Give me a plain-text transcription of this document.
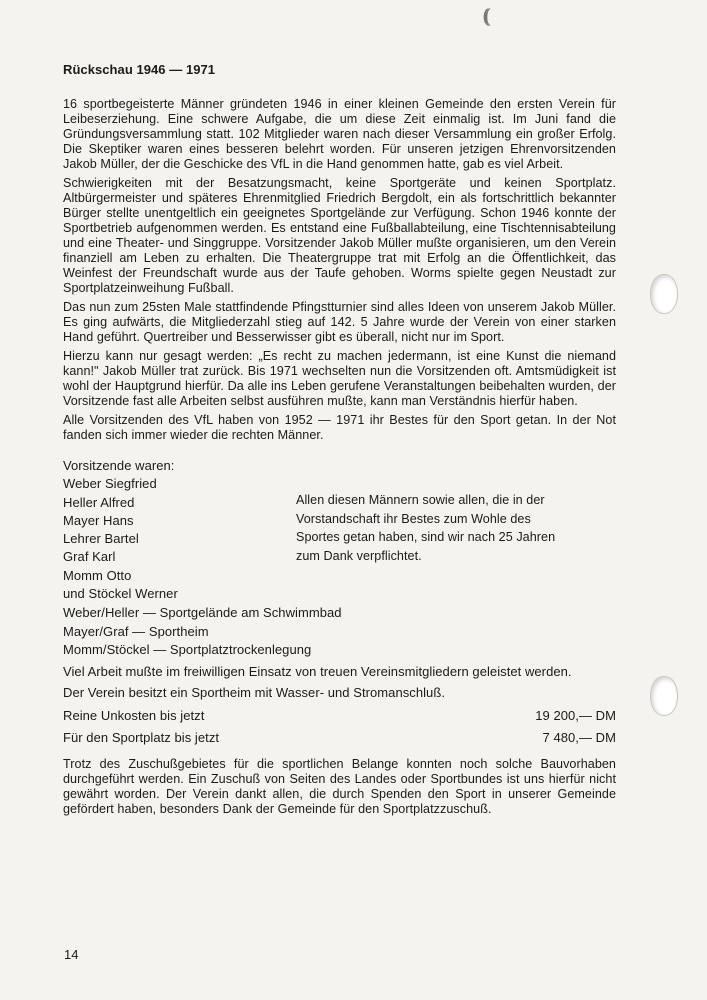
((
Rückschau 1946 — 1971

16 sportbegeisterte Männer gründeten 1946 in einer kleinen Gemeinde den ersten Verein für Leibeserziehung. Eine schwere Aufgabe, die um diese Zeit einmalig ist. Im Juni fand die Gründungsversammlung statt. 102 Mitglieder waren nach dieser Versammlung ein großer Erfolg. Die Skeptiker waren eines besseren belehrt worden. Für unseren jetzigen Ehrenvorsitzenden Jakob Müller, der die Geschicke des VfL in die Hand genommen hatte, gab es viel Arbeit.

Schwierigkeiten mit der Besatzungsmacht, keine Sportgeräte und keinen Sportplatz. Altbürgermeister und späteres Ehrenmitglied Friedrich Bergdolt, ein als fortschrittlich bekannter Bürger stellte unentgeltlich ein geeignetes Sportgelände zur Verfügung. Schon 1946 konnte der Sportbetrieb aufgenommen werden. Es entstand eine Fußballabteilung, eine Tischtennisabteilung und eine Theater- und Singgruppe. Vorsitzender Jakob Müller mußte organisieren, um den Verein finanziell am Leben zu erhalten. Die Theatergruppe trat mit Erfolg an die Öffentlichkeit, das Weinfest der Freundschaft wurde aus der Taufe gehoben. Worms spielte gegen Neustadt zur Sportplatzeinweihung Fußball.

Das nun zum 25sten Male stattfindende Pfingstturnier sind alles Ideen von unserem Jakob Müller. Es ging aufwärts, die Mitgliederzahl stieg auf 142. 5 Jahre wurde der Verein von einer starken Hand geführt. Quertreiber und Besserwisser gibt es überall, nicht nur im Sport.

Hierzu kann nur gesagt werden: „Es recht zu machen jedermann, ist eine Kunst die niemand kann!" Jakob Müller trat zurück. Bis 1971 wechselten nun die Vorsitzenden oft. Amtsmüdigkeit ist wohl der Hauptgrund hierfür. Da alle ins Leben gerufene Veranstaltungen beibehalten wurden, der Vorsitzende fast alle Arbeiten selbst ausführen mußte, kann man Verständnis hierfür haben.

Alle Vorsitzenden des VfL haben von 1952 — 1971 ihr Bestes für den Sport getan. In der Not fanden sich immer wieder die rechten Männer.

Vorsitzende waren:
Weber Siegfried
Heller Alfred
Mayer Hans
Lehrer Bartel
Graf Karl
Momm Otto
und Stöckel Werner
Allen diesen Männern sowie allen, die in der
Vorstandschaft ihr Bestes zum Wohle des
Sportes getan haben, sind wir nach 25 Jahren
zum Dank verpflichtet.
Weber/Heller — Sportgelände am Schwimmbad
Mayer/Graf — Sportheim
Momm/Stöckel — Sportplatztrockenlegung

Viel Arbeit mußte im freiwilligen Einsatz von treuen Vereinsmitgliedern geleistet werden.

Der Verein besitzt ein Sportheim mit Wasser- und Stromanschluß.

Reine Unkosten bis jetzt	19 200,— DM
Für den Sportplatz bis jetzt	7 480,— DM

Trotz des Zuschußgebietes für die sportlichen Belange konnten noch solche Bauvorhaben durchgeführt werden. Ein Zuschuß von Seiten des Landes oder Sportbundes ist uns hierfür nicht gewährt worden. Der Verein dankt allen, die durch Spenden den Sport in unserer Gemeinde gefördert haben, besonders Dank der Gemeinde für den Sportplatzzuschuß.

14
